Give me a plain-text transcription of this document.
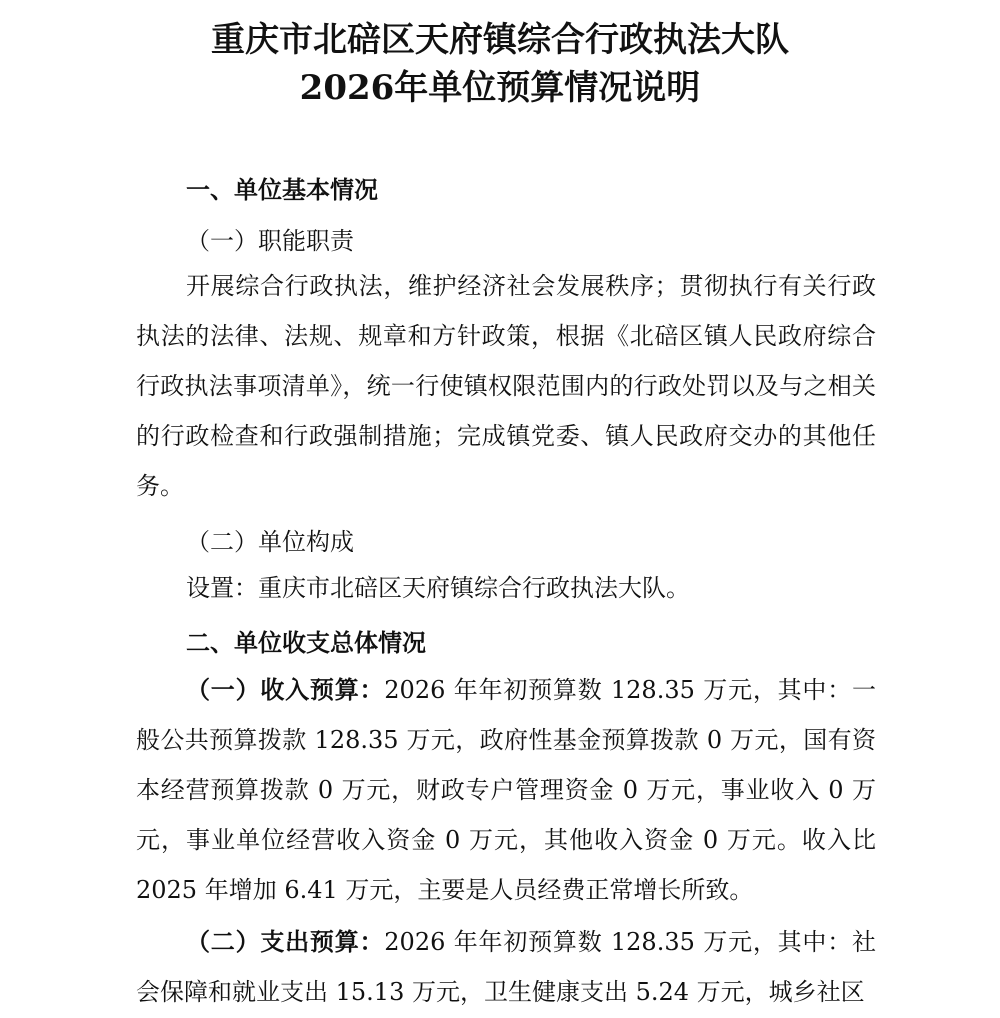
重庆市北碚区天府镇综合行政执法大队
2026年单位预算情况说明
一、单位基本情况
（一）职能职责

开展综合行政执法，维护经济社会发展秩序；贯彻执行有关行政执法的法律、法规、规章和方针政策，根据《北碚区镇人民政府综合行政执法事项清单》，统一行使镇权限范围内的行政处罚以及与之相关的行政检查和行政强制措施；完成镇党委、镇人民政府交办的其他任务。

（二）单位构成

设置：重庆市北碚区天府镇综合行政执法大队。

二、单位收支总体情况

（一）收入预算：2026 年年初预算数 128.35 万元，其中：一般公共预算拨款 128.35 万元，政府性基金预算拨款 0 万元，国有资本经营预算拨款 0 万元，财政专户管理资金 0 万元，事业收入 0 万元，事业单位经营收入资金 0 万元，其他收入资金 0 万元。收入比 2025 年增加 6.41 万元，主要是人员经费正常增长所致。

（二）支出预算：2026 年年初预算数 128.35 万元，其中：社会保障和就业支出 15.13 万元，卫生健康支出 5.24 万元，城乡社区
